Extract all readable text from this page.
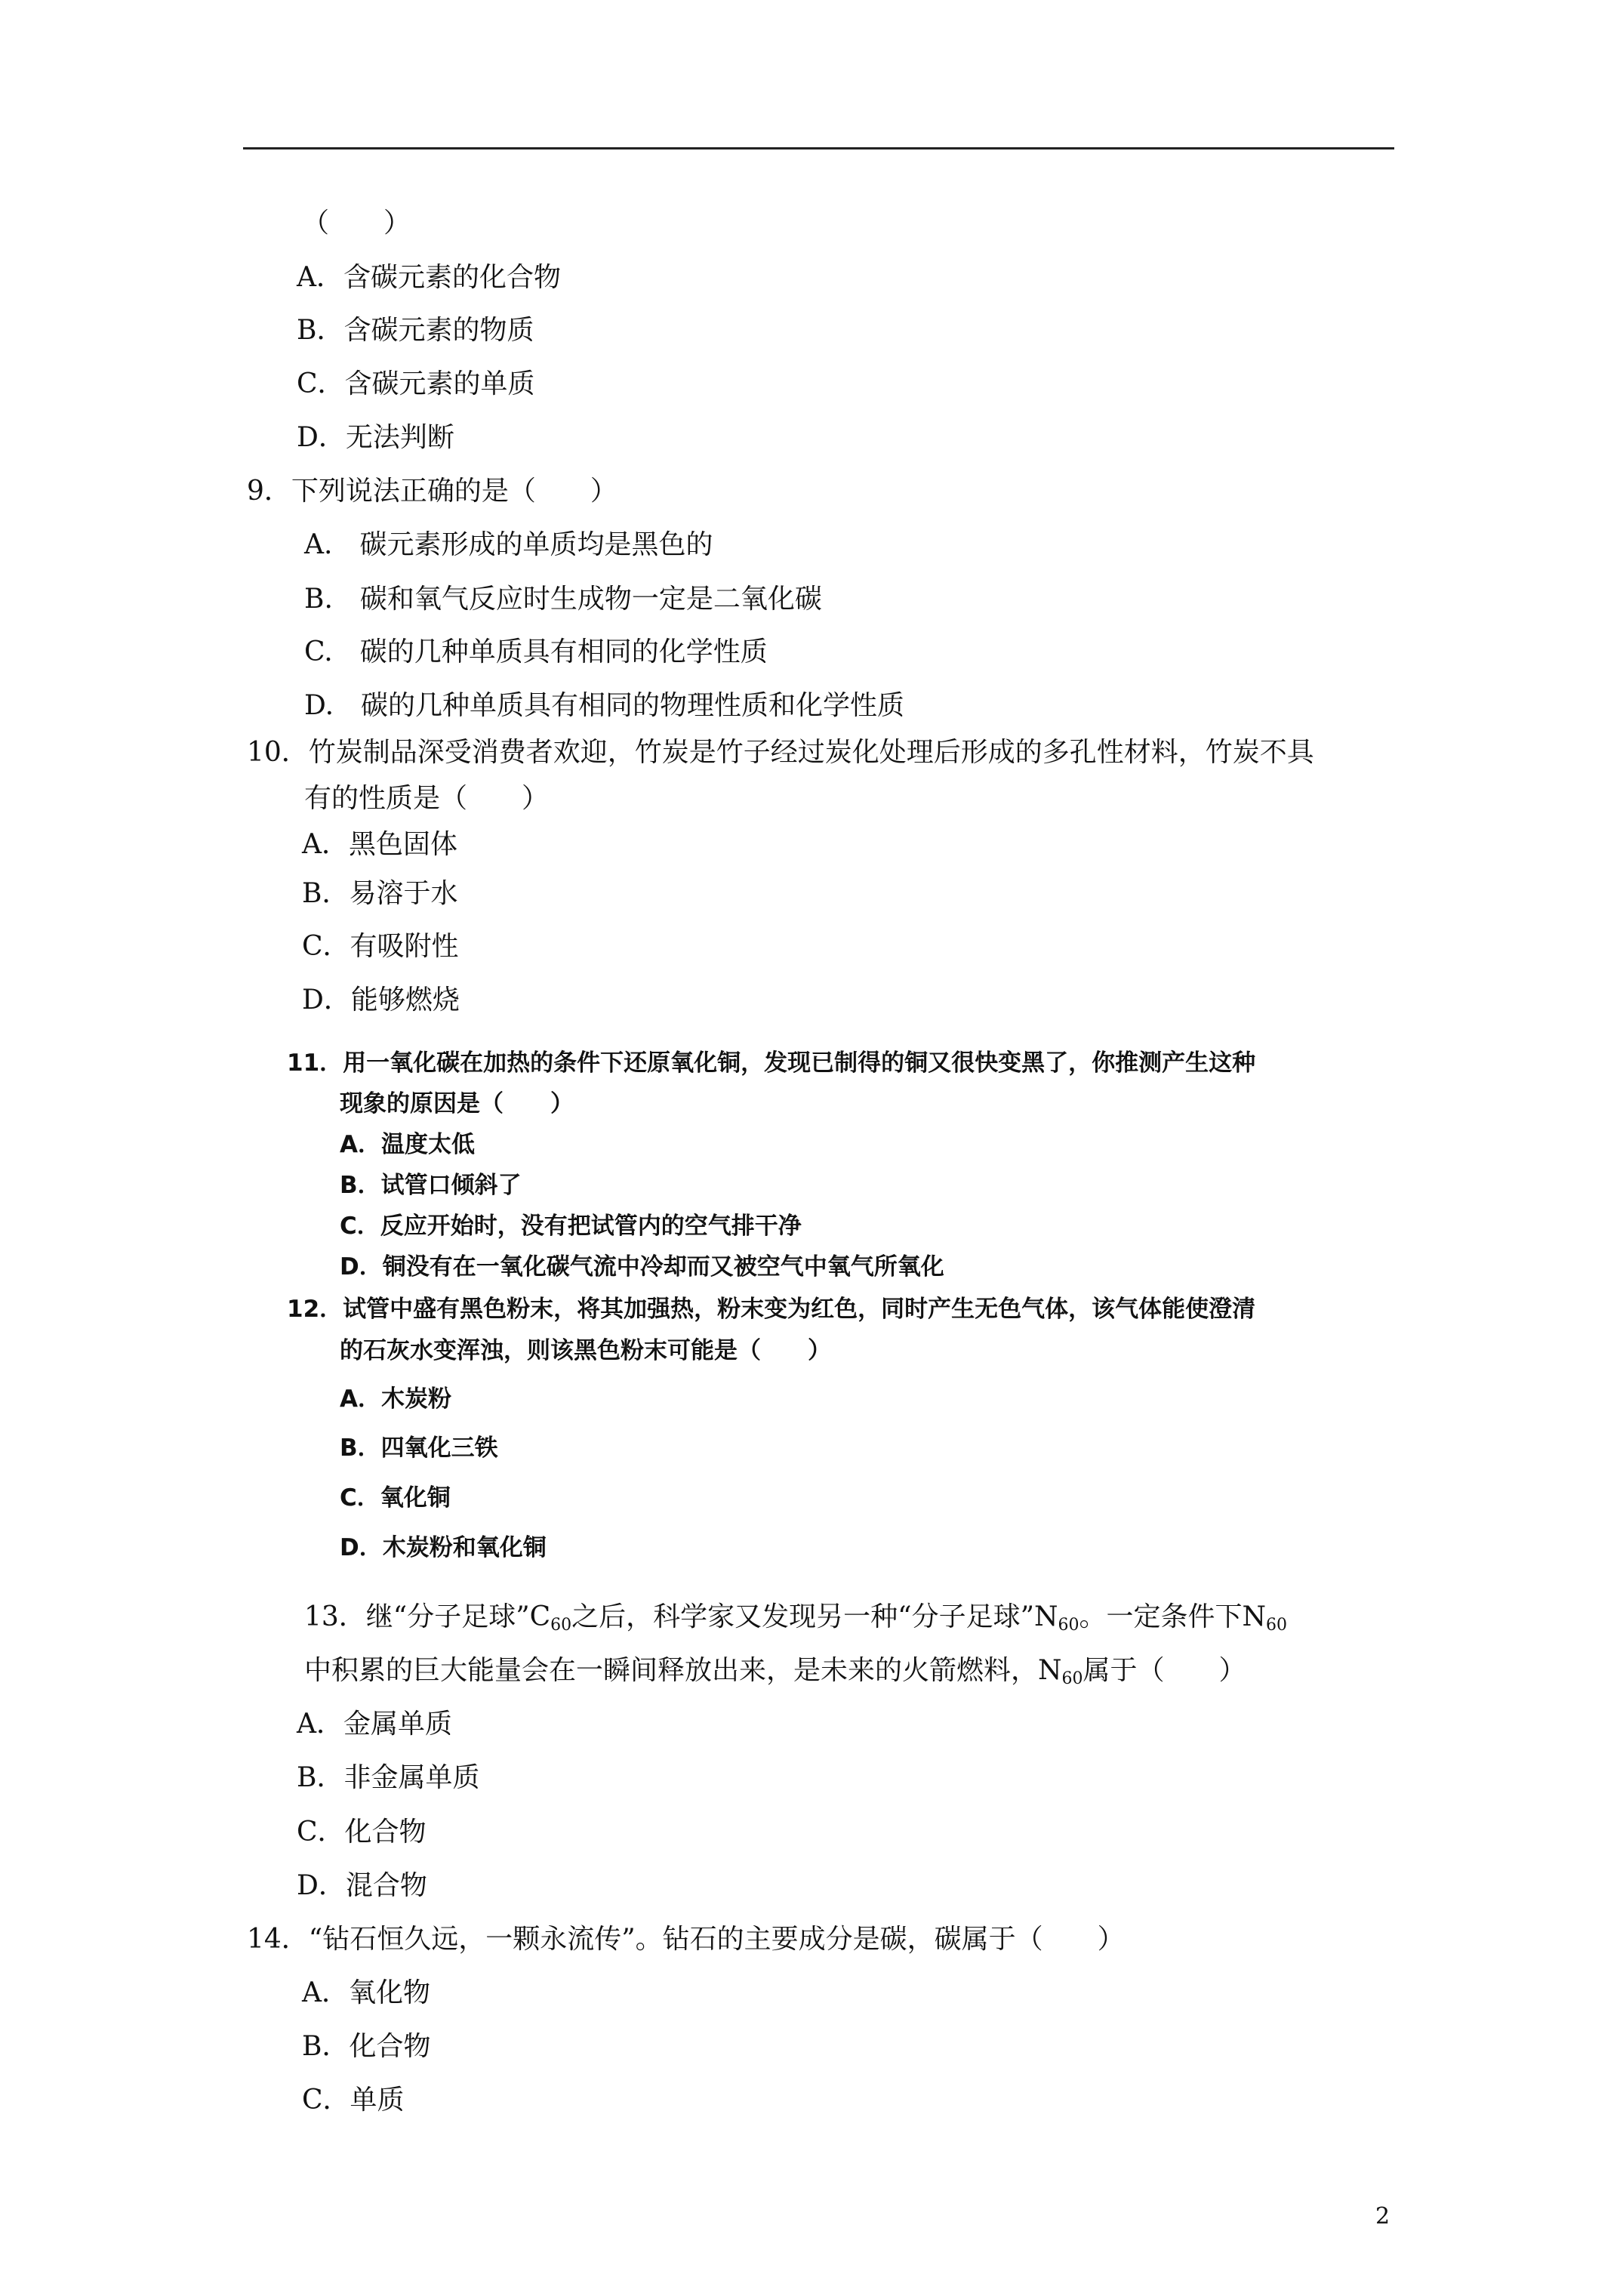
（　　）
A．含碳元素的化合物
B．含碳元素的物质
C．含碳元素的单质
D．无法判断
9．下列说法正确的是（　　）
A.　碳元素形成的单质均是黑色的
B.　碳和氧气反应时生成物一定是二氧化碳
C.　碳的几种单质具有相同的化学性质
D.　碳的几种单质具有相同的物理性质和化学性质
10．竹炭制品深受消费者欢迎，竹炭是竹子经过炭化处理后形成的多孔性材料，竹炭不具
有的性质是（　　）
A．黑色固体
B．易溶于水
C．有吸附性
D．能够燃烧
11．用一氧化碳在加热的条件下还原氧化铜，发现已制得的铜又很快变黑了，你推测产生这种
现象的原因是（　　）
A．温度太低
B．试管口倾斜了
C．反应开始时，没有把试管内的空气排干净
D．铜没有在一氧化碳气流中冷却而又被空气中氧气所氧化
12．试管中盛有黑色粉末，将其加强热，粉末变为红色，同时产生无色气体，该气体能使澄清
的石灰水变浑浊，则该黑色粉末可能是（　　）
A．木炭粉
B．四氧化三铁
C．氧化铜
D．木炭粉和氧化铜
13．继“分子足球$”C_{60}$之后，科学家又发现另一种“分子足球$”N_{60}$。一定条件下$N_{60}$
中积累的巨大能量会在一瞬间释放出来，是未来的火箭燃料，$N_{60}$属于（　　）
A．金属单质
B．非金属单质
C．化合物
D．混合物
14．“钻石恒久远，一颗永流传”。钻石的主要成分是碳，碳属于（　　）
A．氧化物
B．化合物
C．单质
2
